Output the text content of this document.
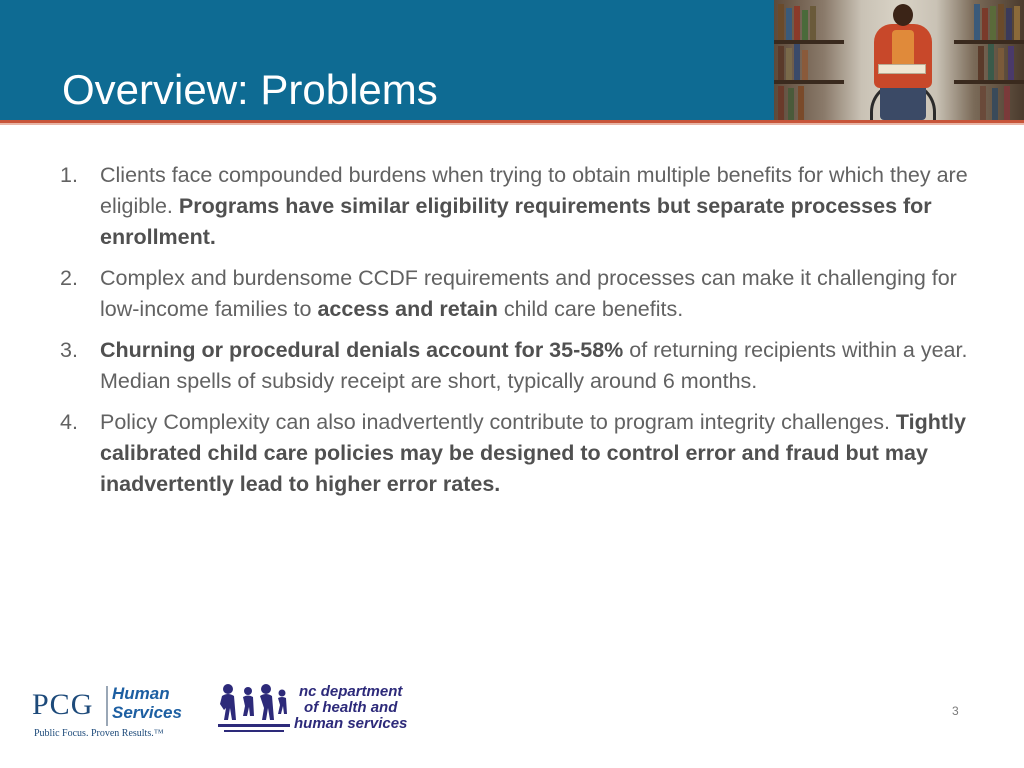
Overview: Problems
1. Clients face compounded burdens when trying to obtain multiple benefits for which they are eligible. Programs have similar eligibility requirements but separate processes for enrollment.
2. Complex and burdensome CCDF requirements and processes can make it challenging for low-income families to access and retain child care benefits.
3. Churning or procedural denials account for 35-58% of returning recipients within a year. Median spells of subsidy receipt are short, typically around 6 months.
4. Policy Complexity can also inadvertently contribute to program integrity challenges. Tightly calibrated child care policies may be designed to control error and fraud but may inadvertently lead to higher error rates.
PCG Human
Services
Public Focus. Proven Results.™
nc department
of health and
human services
3
